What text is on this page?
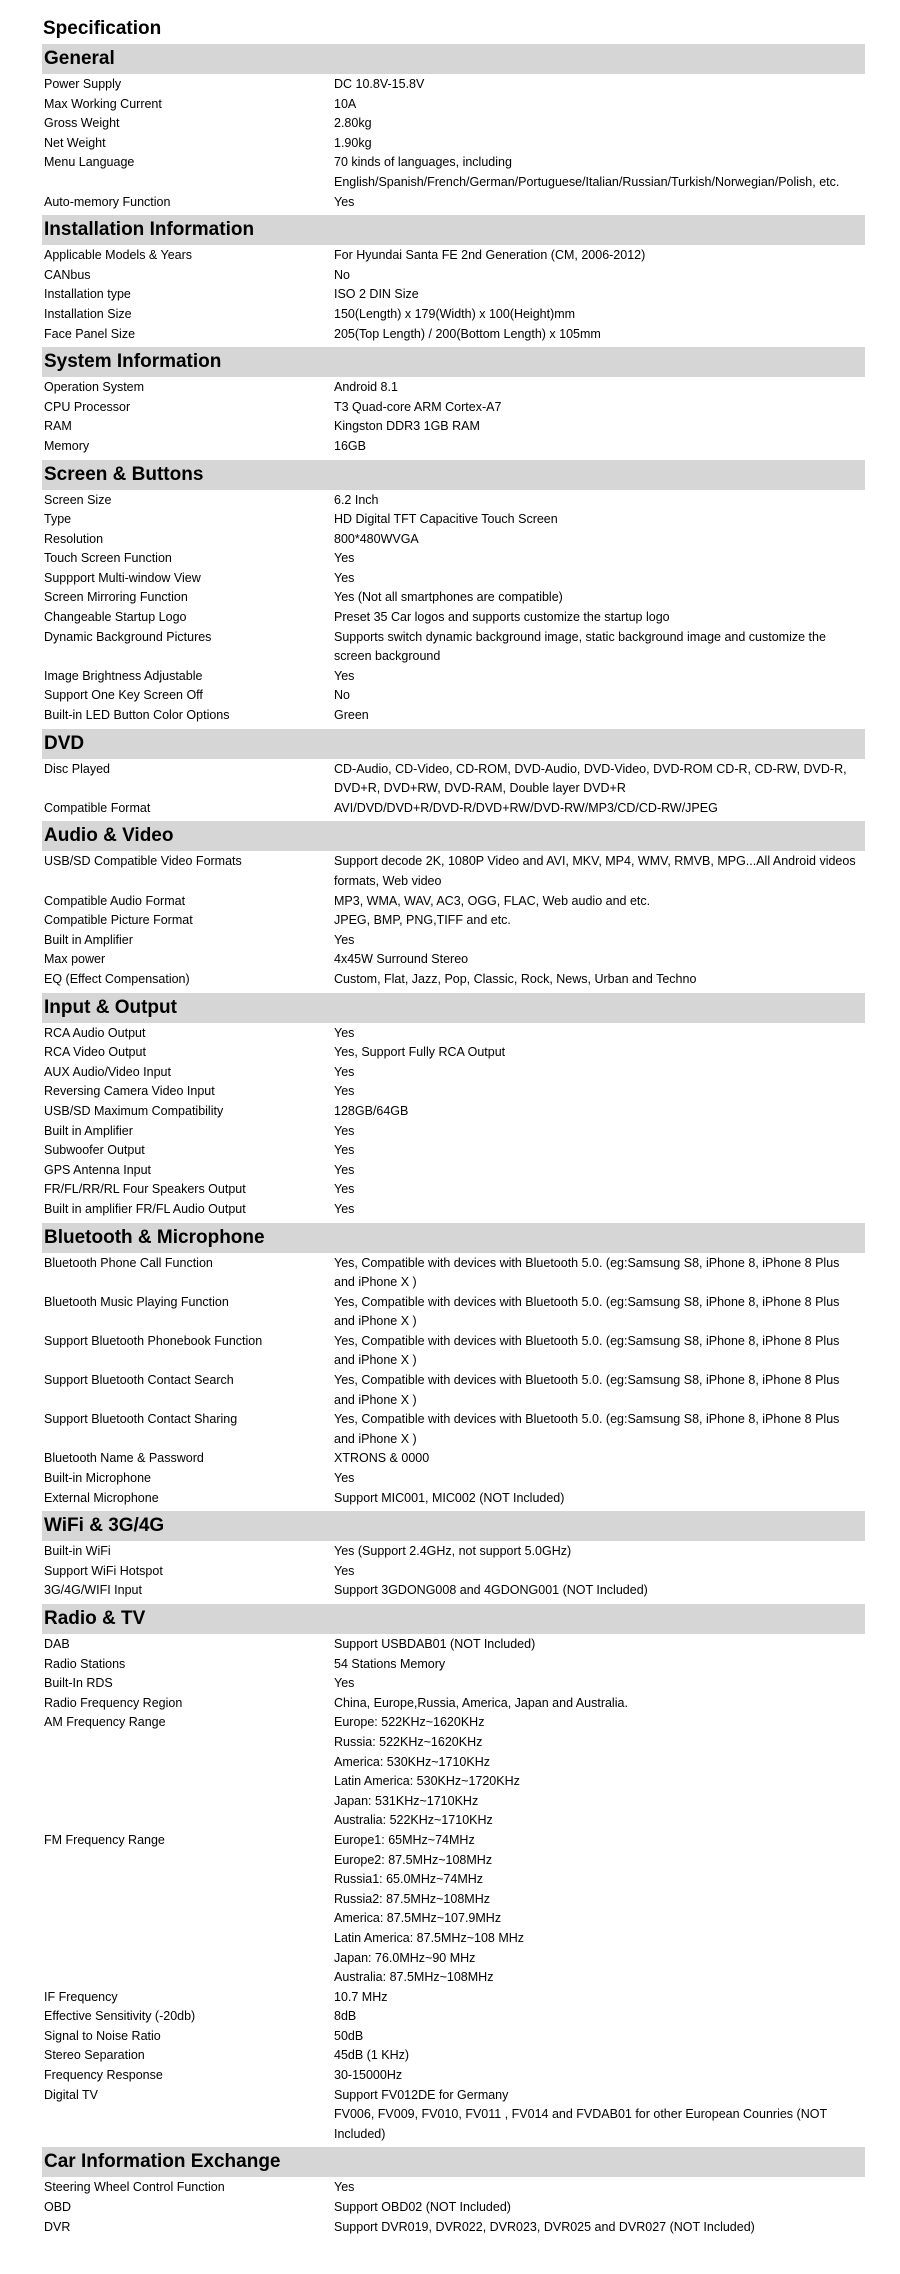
Specification
General
Power Supply	DC 10.8V-15.8V
Max Working Current	10A
Gross Weight	2.80kg
Net Weight	1.90kg
Menu Language	70 kinds of languages, including English/Spanish/French/German/Portuguese/Italian/Russian/Turkish/Norwegian/Polish, etc.
Auto-memory Function	Yes
Installation Information
Applicable Models & Years	For Hyundai Santa FE 2nd Generation (CM, 2006-2012)
CANbus	No
Installation type	ISO 2 DIN Size
Installation Size	150(Length) x 179(Width) x 100(Height)mm
Face Panel Size	205(Top Length) / 200(Bottom Length) x 105mm
System Information
Operation System	Android 8.1
CPU Processor	T3 Quad-core ARM Cortex-A7
RAM	Kingston DDR3 1GB RAM
Memory	16GB
Screen & Buttons
Screen Size	6.2 Inch
Type	HD Digital TFT Capacitive Touch Screen
Resolution	800*480WVGA
Touch Screen Function	Yes
Suppport Multi-window View	Yes
Screen Mirroring Function	Yes (Not all smartphones are compatible)
Changeable Startup Logo	Preset 35 Car logos and supports customize the startup logo
Dynamic Background Pictures	Supports switch dynamic background image, static background image and customize the screen background
Image Brightness Adjustable	Yes
Support One Key Screen Off	No
Built-in LED Button Color Options	Green
DVD
Disc Played	CD-Audio, CD-Video, CD-ROM, DVD-Audio, DVD-Video, DVD-ROM CD-R, CD-RW, DVD-R, DVD+R, DVD+RW, DVD-RAM, Double layer DVD+R
Compatible Format	AVI/DVD/DVD+R/DVD-R/DVD+RW/DVD-RW/MP3/CD/CD-RW/JPEG
Audio & Video
USB/SD Compatible Video Formats	Support decode 2K, 1080P Video and AVI, MKV, MP4, WMV, RMVB, MPG...All Android videos formats, Web video
Compatible Audio Format	MP3, WMA, WAV, AC3, OGG, FLAC, Web audio and etc.
Compatible Picture Format	JPEG, BMP, PNG,TIFF and etc.
Built in Amplifier	Yes
Max power	4x45W Surround Stereo
EQ (Effect Compensation)	Custom, Flat, Jazz, Pop, Classic, Rock, News, Urban and Techno
Input & Output
RCA Audio Output	Yes
RCA Video Output	Yes, Support Fully RCA Output
AUX Audio/Video Input	Yes
Reversing Camera Video Input	Yes
USB/SD Maximum Compatibility	128GB/64GB
Built in Amplifier	Yes
Subwoofer Output	Yes
GPS Antenna Input	Yes
FR/FL/RR/RL Four Speakers Output	Yes
Built in amplifier FR/FL Audio Output	Yes
Bluetooth & Microphone
Bluetooth Phone Call Function	Yes, Compatible with devices with Bluetooth 5.0. (eg:Samsung S8, iPhone 8, iPhone 8 Plus and iPhone X )
Bluetooth Music Playing Function	Yes, Compatible with devices with Bluetooth 5.0. (eg:Samsung S8, iPhone 8, iPhone 8 Plus and iPhone X )
Support Bluetooth Phonebook Function	Yes, Compatible with devices with Bluetooth 5.0. (eg:Samsung S8, iPhone 8, iPhone 8 Plus and iPhone X )
Support Bluetooth Contact Search	Yes, Compatible with devices with Bluetooth 5.0. (eg:Samsung S8, iPhone 8, iPhone 8 Plus and iPhone X )
Support Bluetooth Contact Sharing	Yes, Compatible with devices with Bluetooth 5.0. (eg:Samsung S8, iPhone 8, iPhone 8 Plus and iPhone X )
Bluetooth Name & Password	XTRONS & 0000
Built-in Microphone	Yes
External Microphone	Support MIC001, MIC002 (NOT Included)
WiFi & 3G/4G
Built-in WiFi	Yes (Support 2.4GHz, not support 5.0GHz)
Support WiFi Hotspot	Yes
3G/4G/WIFI Input	Support 3GDONG008 and 4GDONG001 (NOT Included)
Radio & TV
DAB	Support USBDAB01 (NOT Included)
Radio Stations	54 Stations Memory
Built-In RDS	Yes
Radio Frequency Region	China, Europe,Russia, America, Japan and Australia.
AM Frequency Range	Europe: 522KHz~1620KHz
Russia: 522KHz~1620KHz
America: 530KHz~1710KHz
Latin America: 530KHz~1720KHz
Japan: 531KHz~1710KHz
Australia: 522KHz~1710KHz
FM Frequency Range	Europe1: 65MHz~74MHz
Europe2: 87.5MHz~108MHz
Russia1: 65.0MHz~74MHz
Russia2: 87.5MHz~108MHz
America: 87.5MHz~107.9MHz
Latin America: 87.5MHz~108 MHz
Japan: 76.0MHz~90 MHz
Australia: 87.5MHz~108MHz
IF Frequency	10.7 MHz
Effective Sensitivity (-20db)	8dB
Signal to Noise Ratio	50dB
Stereo Separation	45dB (1 KHz)
Frequency Response	30-15000Hz
Digital TV	Support FV012DE for Germany
FV006, FV009, FV010, FV011 , FV014 and FVDAB01 for other European Counries (NOT Included)
Car Information Exchange
Steering Wheel Control Function	Yes
OBD	Support OBD02 (NOT Included)
DVR	Support DVR019, DVR022, DVR023, DVR025 and DVR027 (NOT Included)
